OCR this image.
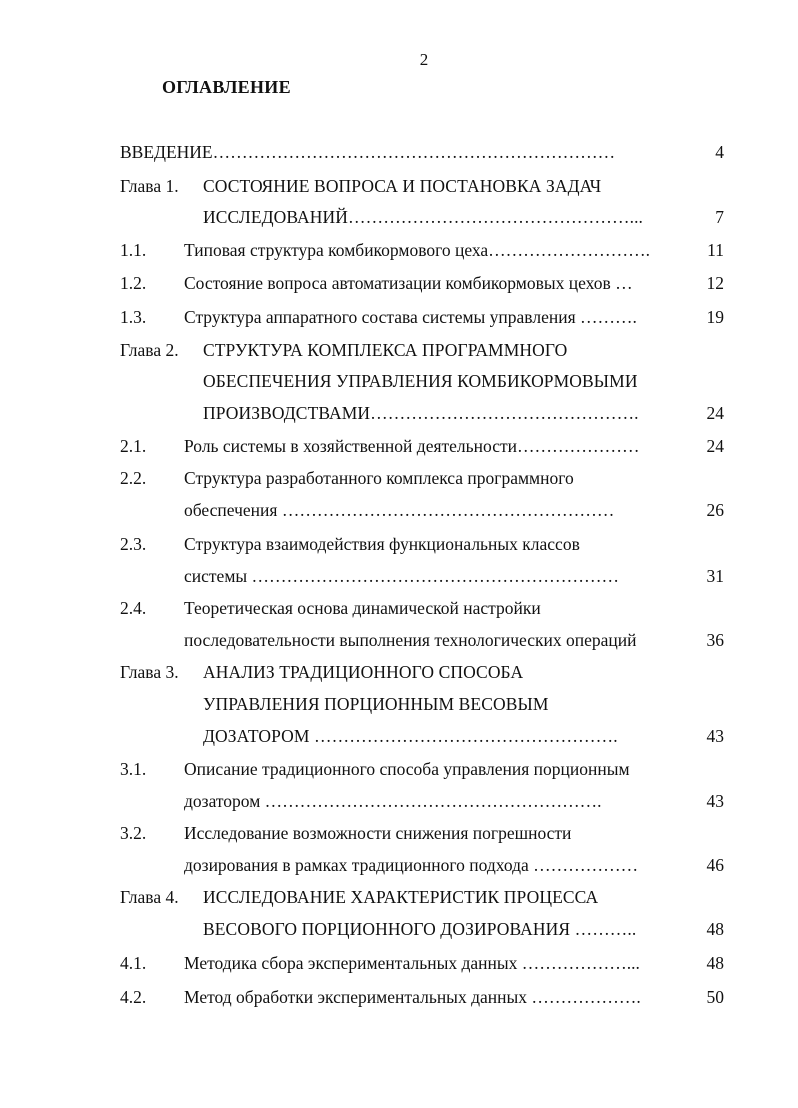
2
ОГЛАВЛЕНИЕ
ВВЕДЕНИЕ……………………………………………………………	4
Глава 1. СОСТОЯНИЕ ВОПРОСА И ПОСТАНОВКА ЗАДАЧ
ИССЛЕДОВАНИЙ…………………………………………...	7
1.1. Типовая структура комбикормового цеха……………………….	11
1.2. Состояние вопроса автоматизации комбикормовых цехов …	12
1.3. Структура аппаратного состава системы управления ……….	19
Глава 2. СТРУКТУРА КОМПЛЕКСА ПРОГРАММНОГО
ОБЕСПЕЧЕНИЯ УПРАВЛЕНИЯ КОМБИКОРМОВЫМИ
ПРОИЗВОДСТВАМИ……………………………………….	24
2.1. Роль системы в хозяйственной деятельности…………………	24
2.2. Структура разработанного комплекса программного
обеспечения …………………………………………………	26
2.3. Структура взаимодействия функциональных классов
системы ………………………………………………………	31
2.4. Теоретическая основа динамической настройки
последовательности выполнения технологических операций	36
Глава 3. АНАЛИЗ ТРАДИЦИОННОГО СПОСОБА
УПРАВЛЕНИЯ ПОРЦИОННЫМ ВЕСОВЫМ
ДОЗАТОРОМ …………………………………………….	43
3.1. Описание традиционного способа управления порционным
дозатором ………………………………………………….	43
3.2. Исследование возможности снижения погрешности
дозирования в рамках традиционного подхода ………………	46
Глава 4. ИССЛЕДОВАНИЕ ХАРАКТЕРИСТИК ПРОЦЕССА
ВЕСОВОГО ПОРЦИОННОГО ДОЗИРОВАНИЯ ………..	48
4.1. Методика сбора экспериментальных данных ………………...	48
4.2. Метод обработки экспериментальных данных ……………….	50
